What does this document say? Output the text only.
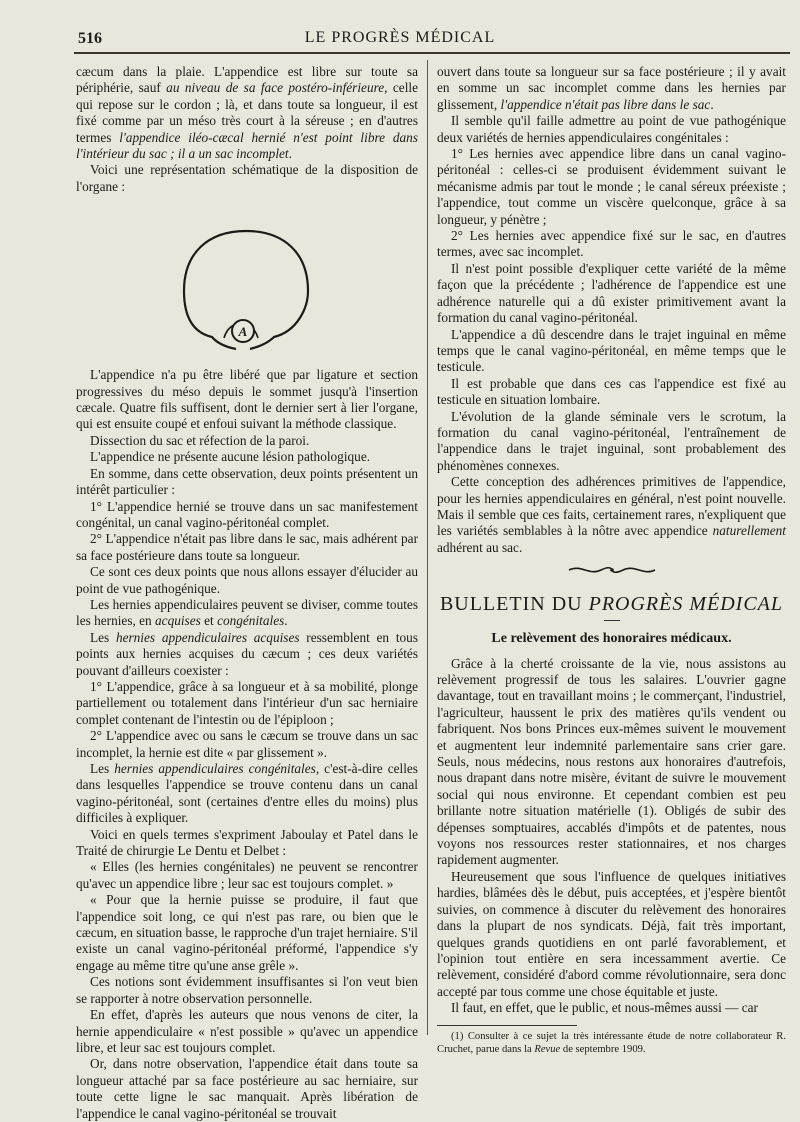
516	LE PROGRÈS MÉDICAL

cæcum dans la plaie. L'appendice est libre sur toute sa périphérie, sauf au niveau de sa face postéro-inférieure, celle qui repose sur le cordon ; là, et dans toute sa longueur, il est fixé comme par un méso très court à la séreuse ; en d'autres termes l'appendice iléo-cæcal hernié n'est point libre dans l'intérieur du sac ; il a un sac incomplet.

Voici une représentation schématique de la disposition de l'organe :

A

L'appendice n'a pu être libéré que par ligature et section progressives du méso depuis le sommet jusqu'à l'insertion cæcale. Quatre fils suffisent, dont le dernier sert à lier l'organe, qui est ensuite coupé et enfoui suivant la méthode classique.

Dissection du sac et réfection de la paroi.

L'appendice ne présente aucune lésion pathologique.

En somme, dans cette observation, deux points présentent un intérêt particulier :

1° L'appendice hernié se trouve dans un sac manifestement congénital, un canal vagino-péritonéal complet.

2° L'appendice n'était pas libre dans le sac, mais adhérent par sa face postérieure dans toute sa longueur.

Ce sont ces deux points que nous allons essayer d'élucider au point de vue pathogénique.

Les hernies appendiculaires peuvent se diviser, comme toutes les hernies, en acquises et congénitales.

Les hernies appendiculaires acquises ressemblent en tous points aux hernies acquises du cæcum ; ces deux variétés pouvant d'ailleurs coexister :

1° L'appendice, grâce à sa longueur et à sa mobilité, plonge partiellement ou totalement dans l'intérieur d'un sac herniaire complet contenant de l'intestin ou de l'épiploon ;

2° L'appendice avec ou sans le cæcum se trouve dans un sac incomplet, la hernie est dite « par glissement ».

Les hernies appendiculaires congénitales, c'est-à-dire celles dans lesquelles l'appendice se trouve contenu dans un canal vagino-péritonéal, sont (certaines d'entre elles du moins) plus difficiles à expliquer.

Voici en quels termes s'expriment Jaboulay et Patel dans le Traité de chirurgie Le Dentu et Delbet :

« Elles (les hernies congénitales) ne peuvent se rencontrer qu'avec un appendice libre ; leur sac est toujours complet. »

« Pour que la hernie puisse se produire, il faut que l'appendice soit long, ce qui n'est pas rare, ou bien que le cæcum, en situation basse, le rapproche d'un trajet herniaire. S'il existe un canal vagino-péritonéal préformé, l'appendice s'y engage au même titre qu'une anse grêle ».

Ces notions sont évidemment insuffisantes si l'on veut bien se rapporter à notre observation personnelle.

En effet, d'après les auteurs que nous venons de citer, la hernie appendiculaire « n'est possible » qu'avec un appendice libre, et leur sac est toujours complet.

Or, dans notre observation, l'appendice était dans toute sa longueur attaché par sa face postérieure au sac herniaire, sur toute cette ligne le sac manquait. Après libération de l'appendice le canal vagino-péritonéal se trouvait

ouvert dans toute sa longueur sur sa face postérieure ; il y avait en somme un sac incomplet comme dans les hernies par glissement, l'appendice n'était pas libre dans le sac.

Il semble qu'il faille admettre au point de vue pathogénique deux variétés de hernies appendiculaires congénitales :

1° Les hernies avec appendice libre dans un canal vagino-péritonéal : celles-ci se produisent évidemment suivant le mécanisme admis par tout le monde ; le canal séreux préexiste ; l'appendice, tout comme un viscère quelconque, grâce à sa longueur, y pénètre ;

2° Les hernies avec appendice fixé sur le sac, en d'autres termes, avec sac incomplet.

Il n'est point possible d'expliquer cette variété de la même façon que la précédente ; l'adhérence de l'appendice est une adhérence naturelle qui a dû exister primitivement avant la formation du canal vagino-péritonéal.

L'appendice a dû descendre dans le trajet inguinal en même temps que le canal vagino-péritonéal, en même temps que le testicule.

Il est probable que dans ces cas l'appendice est fixé au testicule en situation lombaire.

L'évolution de la glande séminale vers le scrotum, la formation du canal vagino-péritonéal, l'entraînement de l'appendice dans le trajet inguinal, sont probablement des phénomènes connexes.

Cette conception des adhérences primitives de l'appendice, pour les hernies appendiculaires en général, n'est point nouvelle. Mais il semble que ces faits, certainement rares, n'expliquent que les variétés semblables à la nôtre avec appendice naturellement adhérent au sac.

BULLETIN DU PROGRÈS MÉDICAL
Le relèvement des honoraires médicaux.

Grâce à la cherté croissante de la vie, nous assistons au relèvement progressif de tous les salaires. L'ouvrier gagne davantage, tout en travaillant moins ; le commerçant, l'industriel, l'agriculteur, haussent le prix des matières qu'ils vendent ou fabriquent. Nos bons Princes eux-mêmes suivent le mouvement et augmentent leur indemnité parlementaire sans crier gare. Seuls, nous médecins, nous restons aux honoraires d'autrefois, nous drapant dans notre misère, évitant de suivre le mouvement social qui nous environne. Et cependant combien est peu brillante notre situation matérielle (1). Obligés de subir des dépenses somptuaires, accablés d'impôts et de patentes, nous voyons nos ressources rester stationnaires, et nos charges rapidement augmenter.

Heureusement que sous l'influence de quelques initiatives hardies, blâmées dès le début, puis acceptées, et j'espère bientôt suivies, on commence à discuter du relèvement des honoraires dans la plupart de nos syndicats. Déjà, fait très important, quelques grands quotidiens en ont parlé favorablement, et l'opinion tout entière en sera incessamment avertie. Ce relèvement, considéré d'abord comme révolutionnaire, sera donc accepté par tous comme une chose équitable et juste.

Il faut, en effet, que le public, et nous-mêmes aussi — car

(1) Consulter à ce sujet la très intéressante étude de notre collaborateur R. Cruchet, parue dans la Revue de septembre 1909.
